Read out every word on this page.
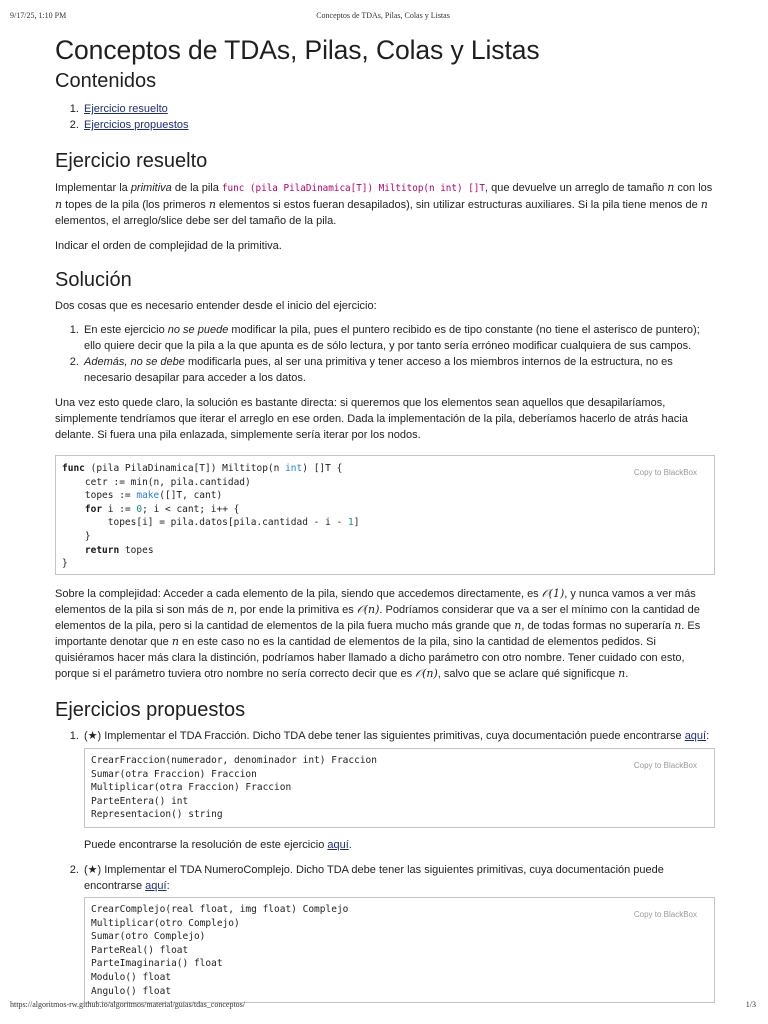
9/17/25, 1:10 PM	Conceptos de TDAs, Pilas, Colas y Listas
Conceptos de TDAs, Pilas, Colas y Listas
Contenidos
1. Ejercicio resuelto
2. Ejercicios propuestos
Ejercicio resuelto

Implementar la primitiva de la pila func (pila PilaDinamica[T]) Miltitop(n int) []T, que devuelve un arreglo de tamaño n con los n topes de la pila (los primeros n elementos si estos fueran desapilados), sin utilizar estructuras auxiliares. Si la pila tiene menos de n elementos, el arreglo/slice debe ser del tamaño de la pila.

Indicar el orden de complejidad de la primitiva.

Solución

Dos cosas que es necesario entender desde el inicio del ejercicio:

1. En este ejercicio no se puede modificar la pila, pues el puntero recibido es de tipo constante (no tiene el asterisco de puntero); ello quiere decir que la pila a la que apunta es de sólo lectura, y por tanto sería erróneo modificar cualquiera de sus campos.
2. Además, no se debe modificarla pues, al ser una primitiva y tener acceso a los miembros internos de la estructura, no es necesario desapilar para acceder a los datos.

Una vez esto quede claro, la solución es bastante directa: si queremos que los elementos sean aquellos que desapilaríamos, simplemente tendríamos que iterar el arreglo en ese orden. Dada la implementación de la pila, deberíamos hacerlo de atrás hacia delante. Si fuera una pila enlazada, simplemente sería iterar por los nodos.

Copy to BlackBox
func (pila PilaDinamica[T]) Miltitop(n int) []T {
cetr := min(n, pila.cantidad)
topes := make([]T, cant)
for i := 0; i < cant; i++ {
topes[i] = pila.datos[pila.cantidad - i - 1]
}
return topes
}

Sobre la complejidad: Acceder a cada elemento de la pila, siendo que accedemos directamente, es 𝒪(1), y nunca vamos a ver más elementos de la pila si son más de n, por ende la primitiva es 𝒪(n). Podríamos considerar que va a ser el mínimo con la cantidad de elementos de la pila, pero si la cantidad de elementos de la pila fuera mucho más grande que n, de todas formas no superaría n. Es importante denotar que n en este caso no es la cantidad de elementos de la pila, sino la cantidad de elementos pedidos. Si quisiéramos hacer más clara la distinción, podríamos haber llamado a dicho parámetro con otro nombre. Tener cuidado con esto, porque si el parámetro tuviera otro nombre no sería correcto decir que es 𝒪(n), salvo que se aclare qué significque n.

Ejercicios propuestos
1. (★) Implementar el TDA Fracción. Dicho TDA debe tener las siguientes primitivas, cuya documentación puede encontrarse aquí:
Copy to BlackBox
CrearFraccion(numerador, denominador int) Fraccion
Sumar(otra Fraccion) Fraccion
Multiplicar(otra Fraccion) Fraccion
ParteEntera() int
Representacion() string

Puede encontrarse la resolución de este ejercicio aquí.

2. (★) Implementar el TDA NumeroComplejo. Dicho TDA debe tener las siguientes primitivas, cuya documentación puede encontrarse aquí:
Copy to BlackBox
CrearComplejo(real float, img float) Complejo
Multiplicar(otro Complejo)
Sumar(otro Complejo)
ParteReal() float
ParteImaginaria() float
Modulo() float
Angulo() float
https://algoritmos-rw.github.io/algoritmos/material/guias/tdas_conceptos/	1/3
